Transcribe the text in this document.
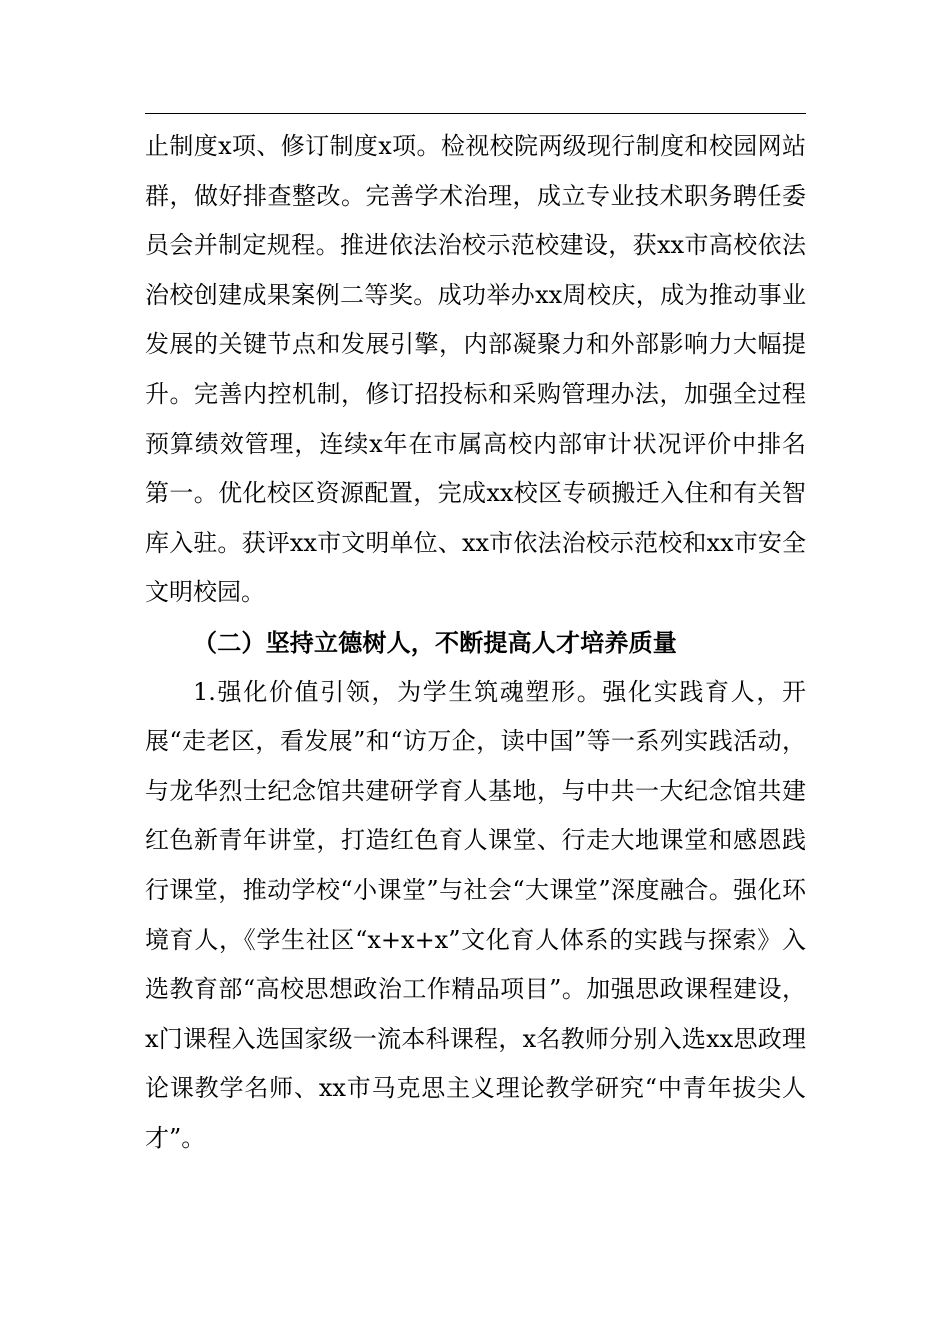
止制度x项、修订制度x项。检视校院两级现行制度和校园网站群，做好排查整改。完善学术治理，成立专业技术职务聘任委员会并制定规程。推进依法治校示范校建设，获xx市高校依法治校创建成果案例二等奖。成功举办xx周校庆，成为推动事业发展的关键节点和发展引擎，内部凝聚力和外部影响力大幅提升。完善内控机制，修订招投标和采购管理办法，加强全过程预算绩效管理，连续x年在市属高校内部审计状况评价中排名第一。优化校区资源配置，完成xx校区专硕搬迁入住和有关智库入驻。获评xx市文明单位、xx市依法治校示范校和xx市安全文明校园。

（二）坚持立德树人，不断提高人才培养质量

1.强化价值引领，为学生筑魂塑形。强化实践育人，开展“走老区，看发展”和“访万企，读中国”等一系列实践活动，与龙华烈士纪念馆共建研学育人基地，与中共一大纪念馆共建红色新青年讲堂，打造红色育人课堂、行走大地课堂和感恩践行课堂，推动学校“小课堂”与社会“大课堂”深度融合。强化环境育人，《学生社区“x+x+x”文化育人体系的实践与探索》入选教育部“高校思想政治工作精品项目”。加强思政课程建设，x门课程入选国家级一流本科课程，x名教师分别入选xx思政理论课教学名师、xx市马克思主义理论教学研究“中青年拔尖人才”。
